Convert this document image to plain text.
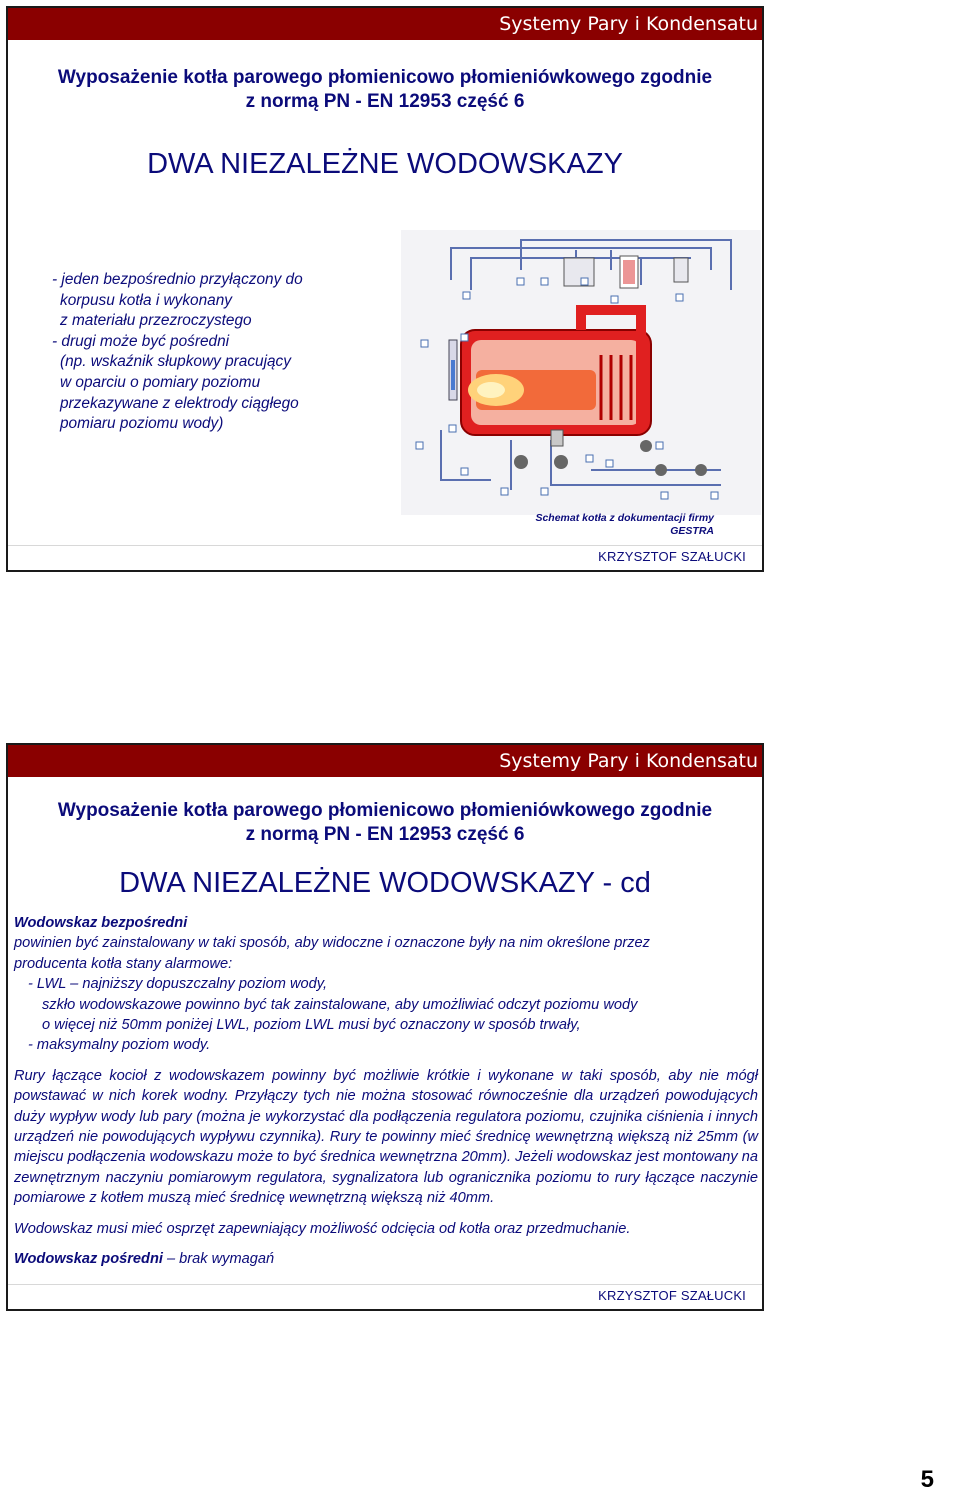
Systemy Pary i Kondensatu
Wyposażenie kotła parowego płomienicowo płomieniówkowego zgodnie
z normą PN - EN 12953 część 6
DWA NIEZALEŻNE WODOWSKAZY
- jeden bezpośrednio przyłączony do
korpusu kotła i wykonany
z materiału przezroczystego
- drugi może być pośredni
(np. wskaźnik słupkowy pracujący
w oparciu o pomiary poziomu
przekazywane z elektrody ciągłego
pomiaru poziomu wody)
Schemat kotła z dokumentacji firmy
GESTRA
KRZYSZTOF SZAŁUCKI
Systemy Pary i Kondensatu
Wyposażenie kotła parowego płomienicowo płomieniówkowego zgodnie
z normą PN - EN 12953 część 6
DWA NIEZALEŻNE WODOWSKAZY - cd
Wodowskaz bezpośredni
powinien być zainstalowany w taki sposób, aby widoczne i oznaczone były na nim określone przez
producenta kotła stany alarmowe:
- LWL – najniższy dopuszczalny poziom wody,
szkło wodowskazowe powinno być tak zainstalowane, aby umożliwiać odczyt poziomu wody
o więcej niż 50mm poniżej LWL, poziom LWL musi być oznaczony w sposób trwały,
- maksymalny poziom wody.
Rury łączące kocioł z wodowskazem powinny być możliwie krótkie i wykonane w taki sposób, aby nie mógł powstawać w nich korek wodny. Przyłączy tych nie można stosować równocześnie dla urządzeń powodujących duży wypływ wody lub pary (można je wykorzystać dla podłączenia regulatora poziomu, czujnika ciśnienia i innych urządzeń nie powodujących wypływu czynnika). Rury te powinny mieć średnicę wewnętrzną większą niż 25mm (w miejscu podłączenia wodowskazu może to być średnica wewnętrzna 20mm). Jeżeli wodowskaz jest montowany na zewnętrznym naczyniu pomiarowym regulatora, sygnalizatora lub ogranicznika poziomu to rury łączące naczynie pomiarowe z kotłem muszą mieć średnicę wewnętrzną większą niż 40mm.
Wodowskaz musi mieć osprzęt zapewniający możliwość odcięcia od kotła oraz przedmuchanie.
Wodowskaz pośredni – brak wymagań
KRZYSZTOF SZAŁUCKI
5
